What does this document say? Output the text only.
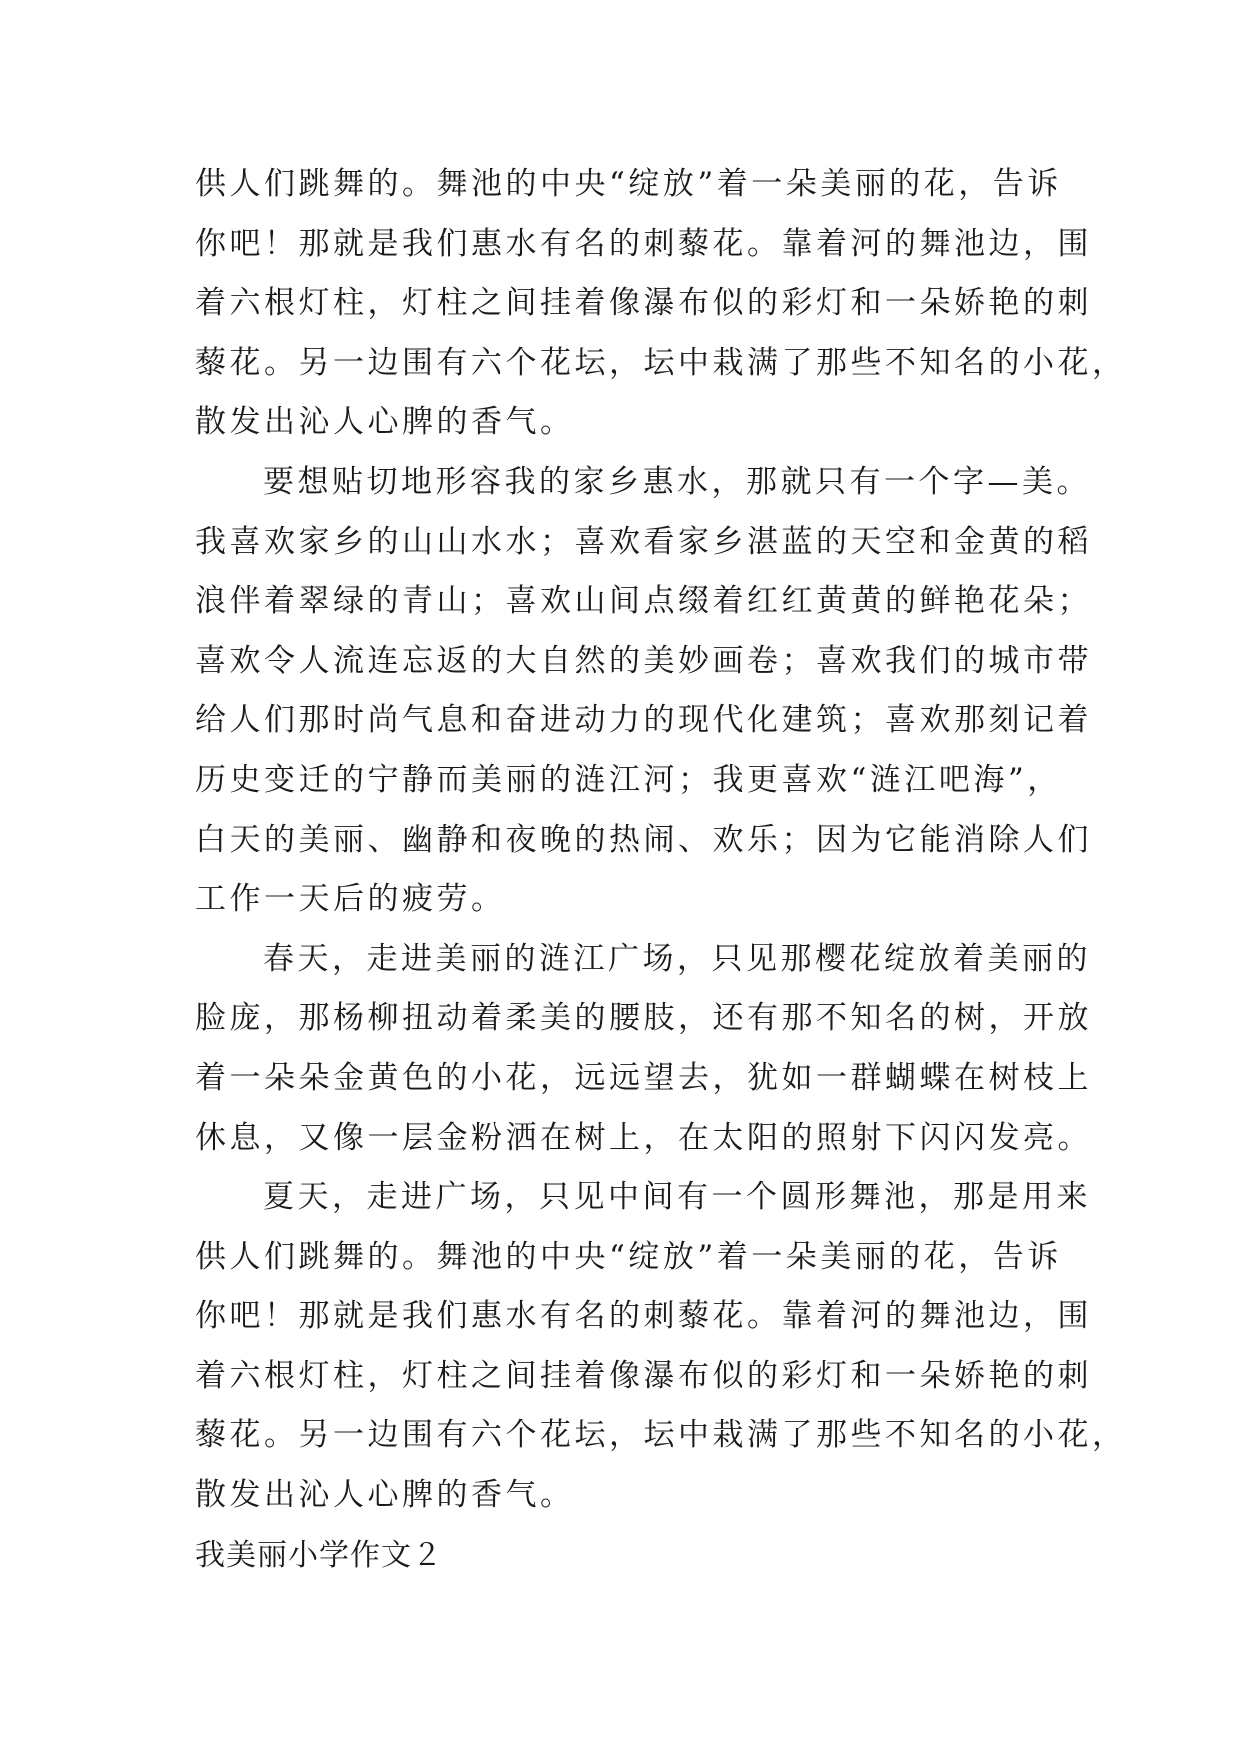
供人们跳舞的。舞池的中央“绽放”着一朵美丽的花，告诉
你吧！那就是我们惠水有名的刺藜花。靠着河的舞池边，围
着六根灯柱，灯柱之间挂着像瀑布似的彩灯和一朵娇艳的刺
藜花。另一边围有六个花坛，坛中栽满了那些不知名的小花，
散发出沁人心脾的香气。
要想贴切地形容我的家乡惠水，那就只有一个字—美。
我喜欢家乡的山山水水；喜欢看家乡湛蓝的天空和金黄的稻
浪伴着翠绿的青山；喜欢山间点缀着红红黄黄的鲜艳花朵；
喜欢令人流连忘返的大自然的美妙画卷；喜欢我们的城市带
给人们那时尚气息和奋进动力的现代化建筑；喜欢那刻记着
历史变迁的宁静而美丽的涟江河；我更喜欢“涟江吧海”，
白天的美丽、幽静和夜晚的热闹、欢乐；因为它能消除人们
工作一天后的疲劳。
春天，走进美丽的涟江广场，只见那樱花绽放着美丽的
脸庞，那杨柳扭动着柔美的腰肢，还有那不知名的树，开放
着一朵朵金黄色的小花，远远望去，犹如一群蝴蝶在树枝上
休息，又像一层金粉洒在树上，在太阳的照射下闪闪发亮。
夏天，走进广场，只见中间有一个圆形舞池，那是用来
供人们跳舞的。舞池的中央“绽放”着一朵美丽的花，告诉
你吧！那就是我们惠水有名的刺藜花。靠着河的舞池边，围
着六根灯柱，灯柱之间挂着像瀑布似的彩灯和一朵娇艳的刺
藜花。另一边围有六个花坛，坛中栽满了那些不知名的小花，
散发出沁人心脾的香气。
我美丽小学作文２
